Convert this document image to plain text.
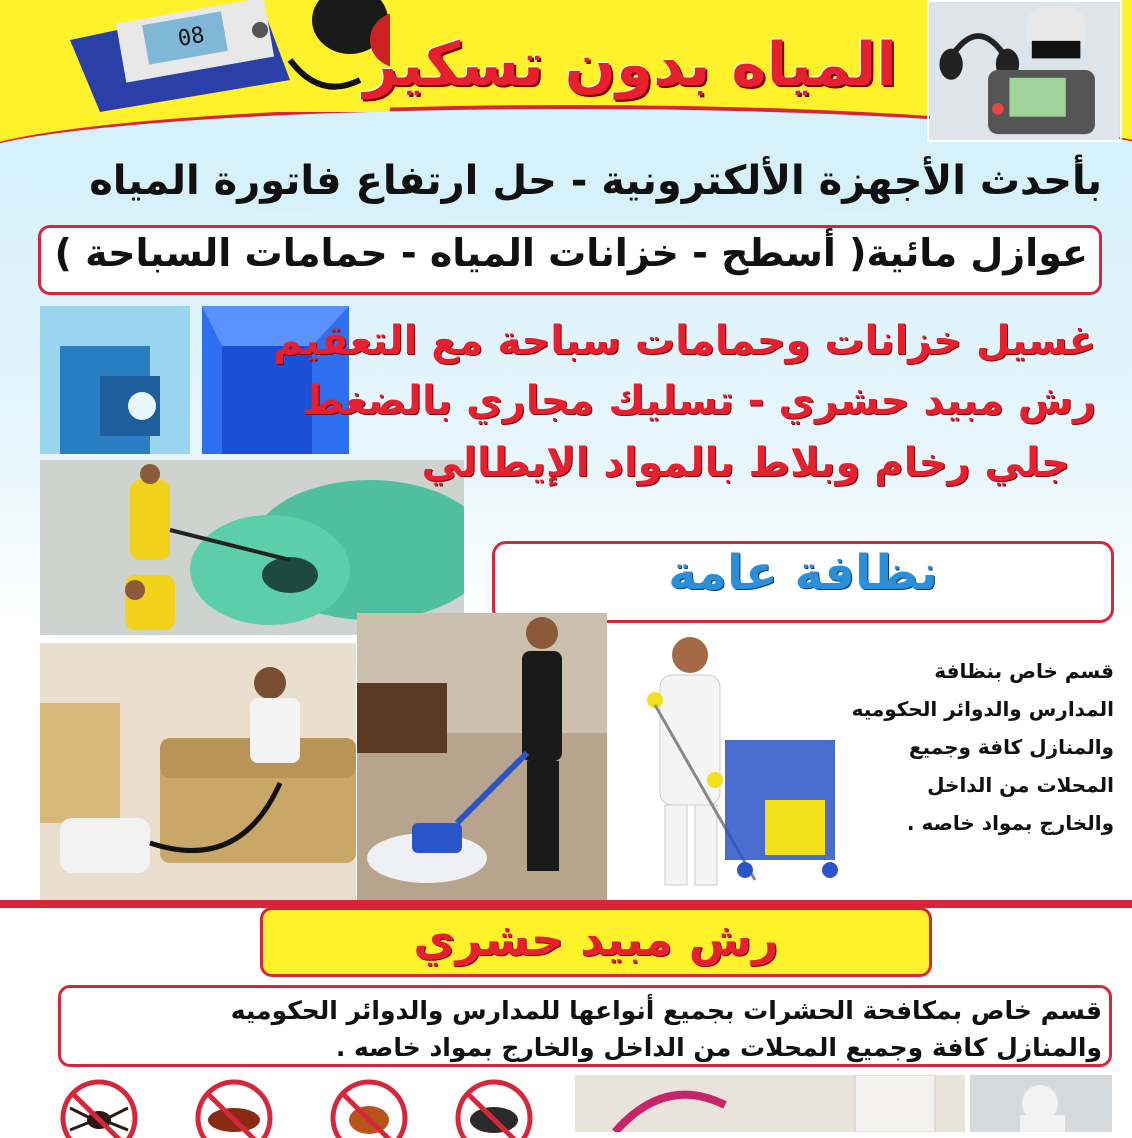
08	المياه بدون تسكير
بأحدث الأجهزة الألكترونية - حل ارتفاع فاتورة المياه
عوازل مائية( أسطح - خزانات المياه - حمامات السباحة )
غسيل خزانات وحمامات سباحة مع التعقيم
رش مبيد حشري - تسليك مجاري بالضغط
جلي رخام وبلاط بالمواد الإيطالي
نظافة عامة
قسم خاص بنظافة
المدارس والدوائر الحكوميه
والمنازل كافة وجميع
المحلات من الداخل
والخارج بمواد خاصه .
رش مبيد حشري
قسم خاص بمكافحة الحشرات بجميع أنواعها للمدارس والدوائر الحكوميه
والمنازل كافة وجميع المحلات من الداخل والخارج بمواد خاصه .
